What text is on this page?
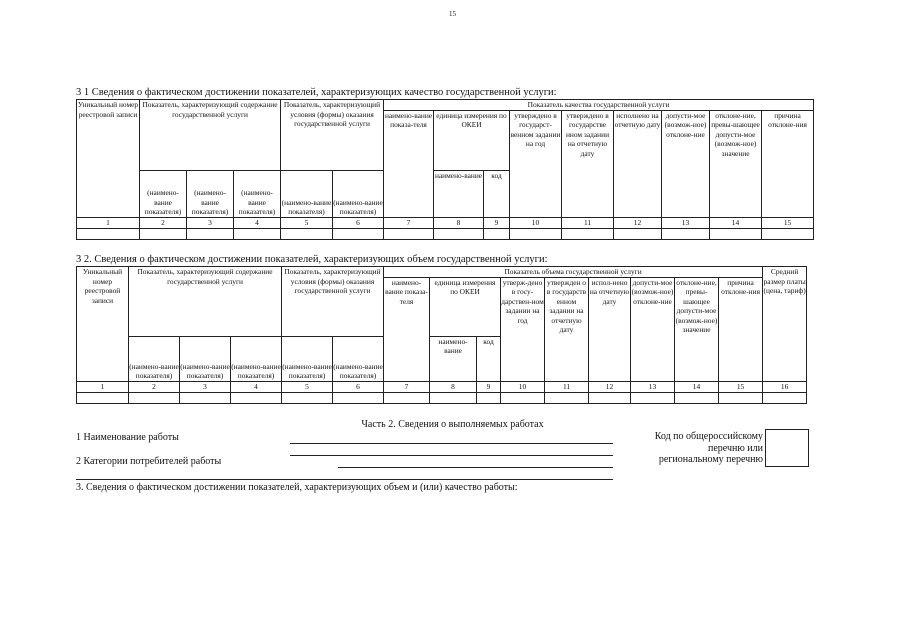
15
3 1 Сведения о фактическом достижении показателей, характеризующих качество государственной услуги:
Уникальный номер реестровой записи	Показатель, характеризующий содержание государственной услуги			Показатель, характеризующий условия (формы) оказания государственной услуги		Показатель качества государственной услуги								
						наимено-вание показа-теля	единица измерения по ОКЕИ		утверждено в государст-венном задании на год	утверждено в государстве нном задании на отчетную дату	исполнено на отчетную дату	допусти-мое (возмож-ное) отклоне-ние	отклоне-ние, превы-шающее допусти-мое (возмож-ное) значение	причина отклоне-ния
	(наимено-вание показателя)	(наимено-вание показателя)	(наимено-вание показателя)	(наимено-вание показателя)	(наимено-вание показателя)		наимено-вание	код						
1	2	3	4	5	6	7	8	9	10	11	12	13	14	15

3 2. Сведения о фактическом достижении показателей, характеризующих объем государственной услуги:
Уникальный номер реестровой записи	Показатель, характеризующий содержание государственной услуги			Показатель, характеризующий условия (формы) оказания государственной услуги		Показатель объема государственной услуги									Средний размер платы (цена, тариф)
						наимено-вание показа-теля	единица измерения по ОКЕИ		утверж-дено в госу-дарствен-ном задании на год	утвержден о в государств енном задании на отчетную дату	испол-нено на отчетную дату	допусти-мое (возмож-ное) отклоне-ние	отклоне-ние, превы-шающее допусти-мое (возмож-ное) значение	причина отклоне-ния	
	(наимено-вание показателя)	(наимено-вание показателя)	(наимено-вание показателя)	(наимено-вание показателя)	(наимено-вание показателя)		наимено-вание	код							
1	2	3	4	5	6	7	8	9	10	11	12	13	14	15	16

Часть 2. Сведения о выполняемых работах
1 Наименование работы
2 Категории потребителей работы
Код по общероссийскому
перечню или
региональному перечню
3. Сведения о фактическом достижении показателей, характеризующих объем и (или) качество работы:
